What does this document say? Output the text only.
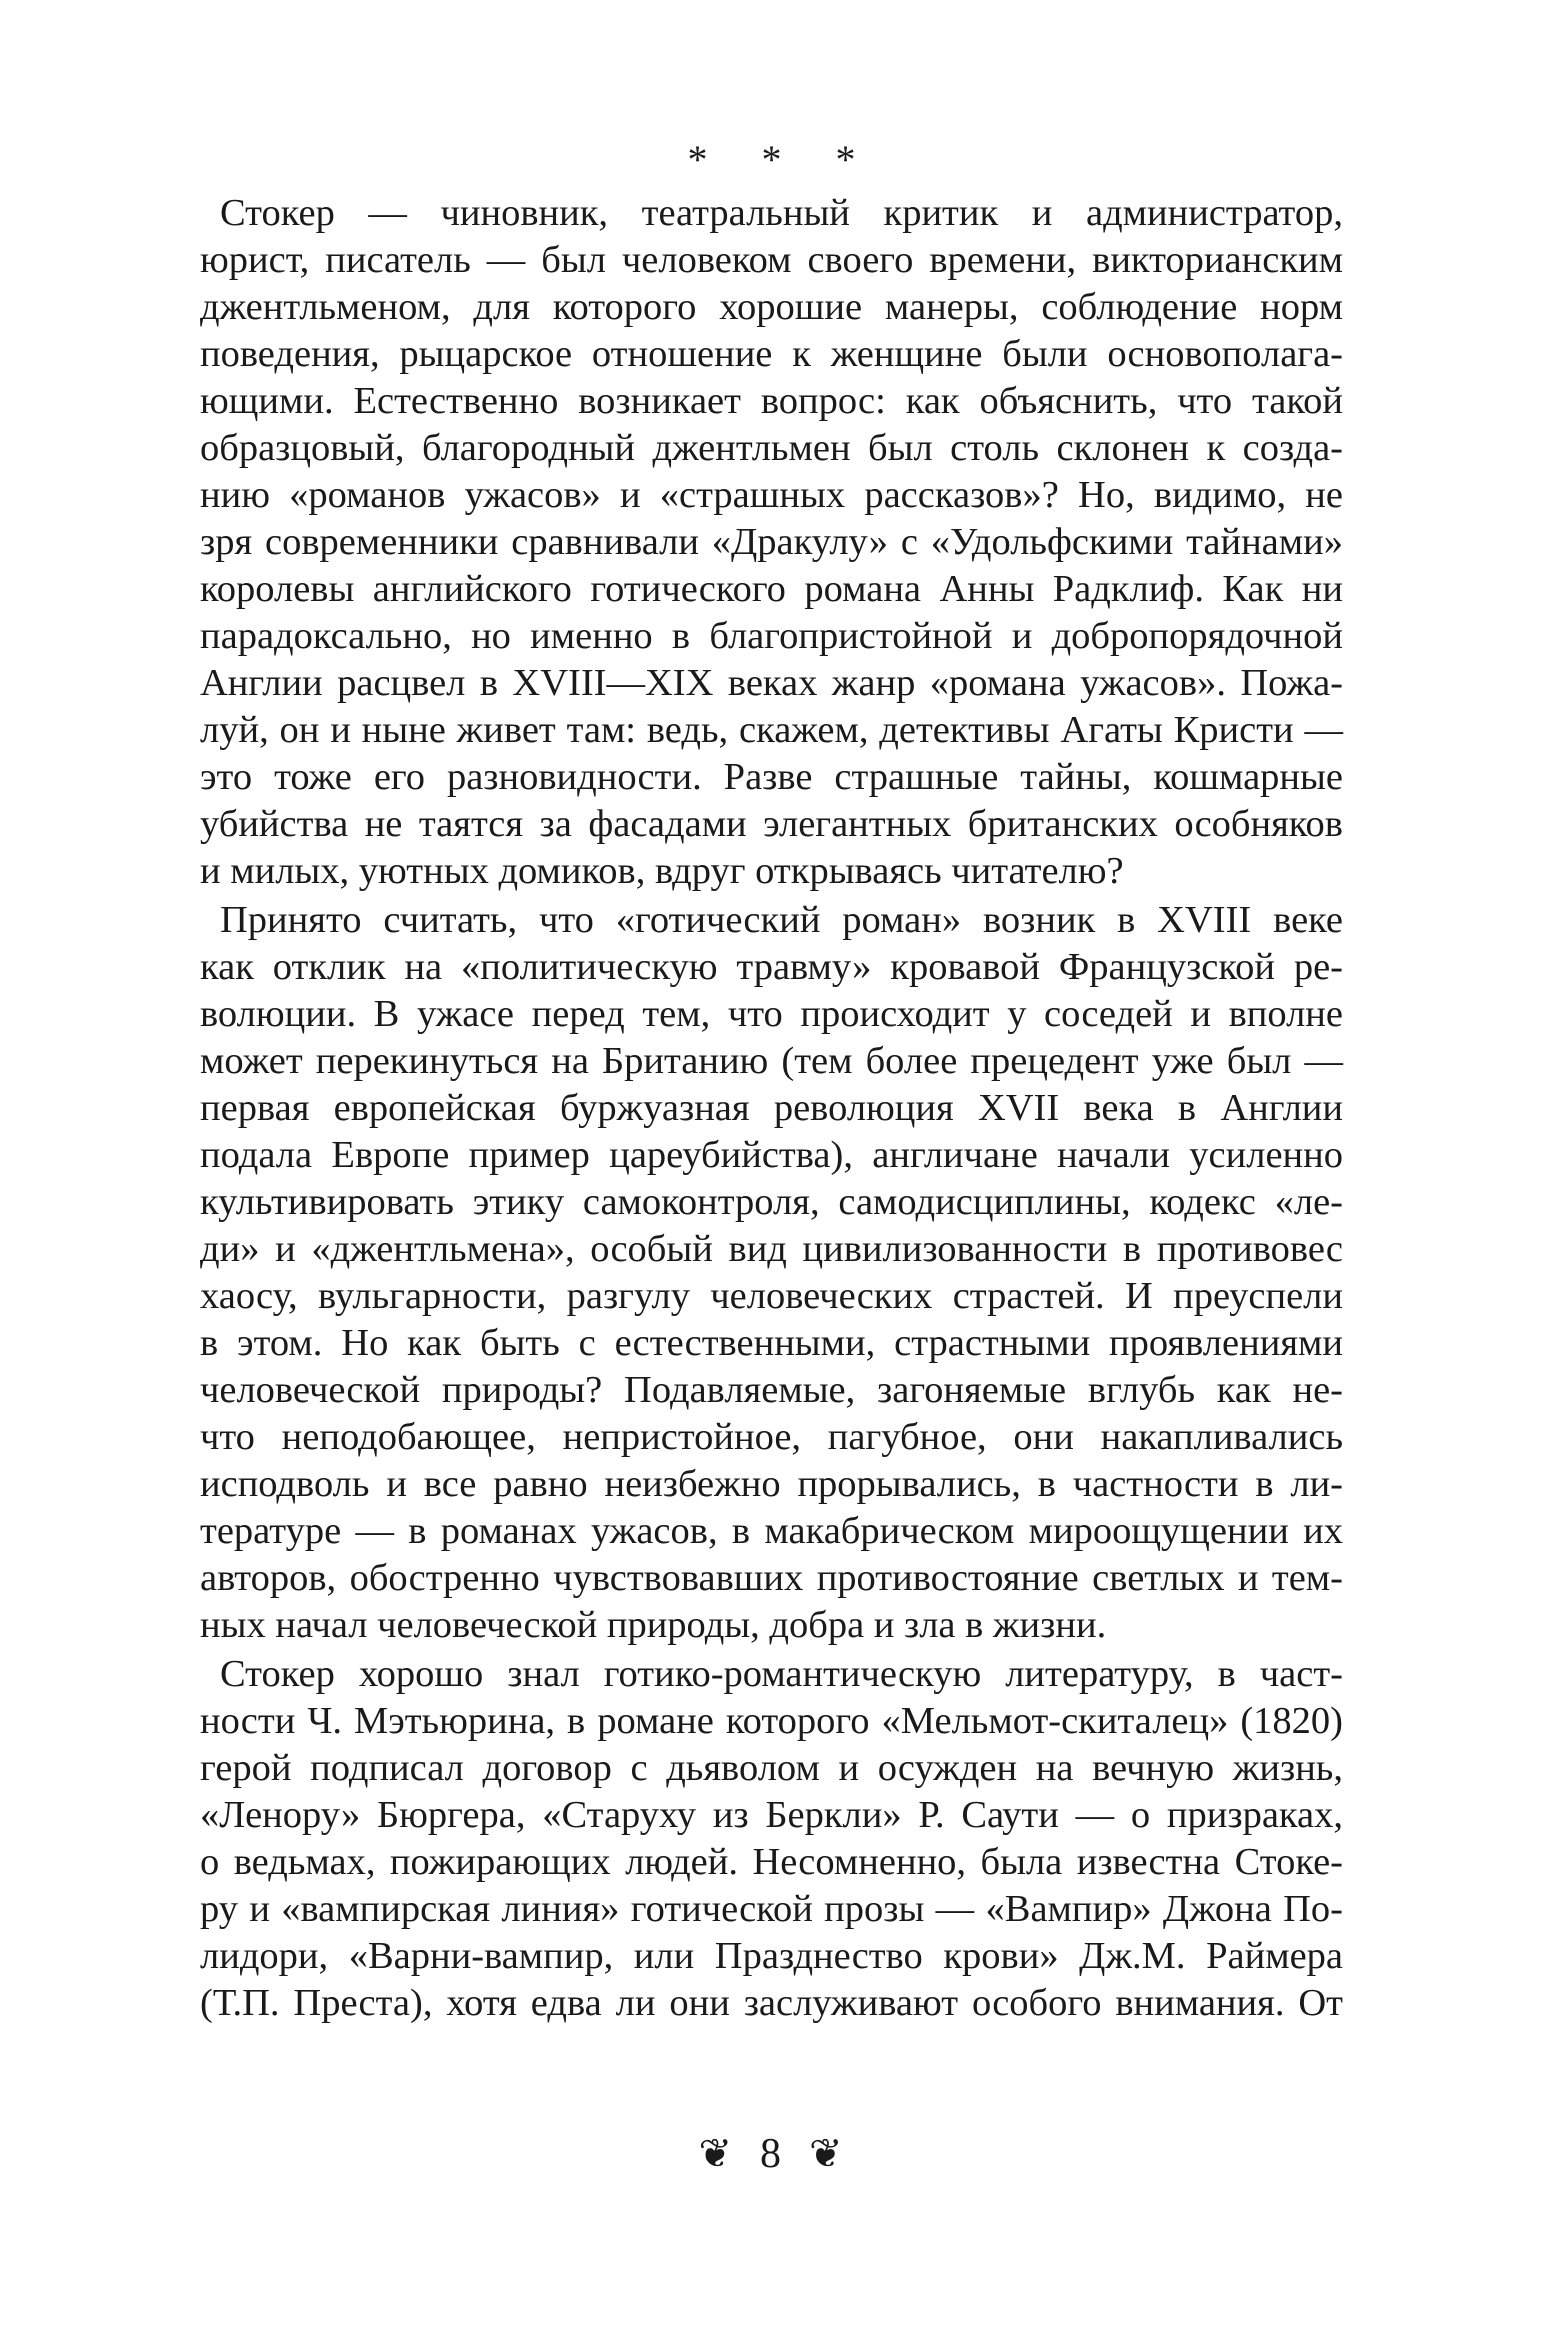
* * *
Стокер — чиновник, театральный критик и администратор,
юрист, писатель — был человеком своего времени, викторианским
джентльменом, для которого хорошие манеры, соблюдение норм
поведения, рыцарское отношение к женщине были основополага-
ющими. Естественно возникает вопрос: как объяснить, что такой
образцовый, благородный джентльмен был столь склонен к созда-
нию «романов ужасов» и «страшных рассказов»? Но, видимо, не
зря современники сравнивали «Дракулу» с «Удольфскими тайнами»
королевы английского готического романа Анны Радклиф. Как ни
парадоксально, но именно в благопристойной и добропорядочной
Англии расцвел в XVIII—XIX веках жанр «романа ужасов». Пожа-
луй, он и ныне живет там: ведь, скажем, детективы Агаты Кристи —
это тоже его разновидности. Разве страшные тайны, кошмарные
убийства не таятся за фасадами элегантных британских особняков
и милых, уютных домиков, вдруг открываясь читателю?
Принято считать, что «готический роман» возник в XVIII веке
как отклик на «политическую травму» кровавой Французской ре-
волюции. В ужасе перед тем, что происходит у соседей и вполне
может перекинуться на Британию (тем более прецедент уже был —
первая европейская буржуазная революция XVII века в Англии
подала Европе пример цареубийства), англичане начали усиленно
культивировать этику самоконтроля, самодисциплины, кодекс «ле-
ди» и «джентльмена», особый вид цивилизованности в противовес
хаосу, вульгарности, разгулу человеческих страстей. И преуспели
в этом. Но как быть с естественными, страстными проявлениями
человеческой природы? Подавляемые, загоняемые вглубь как не-
что неподобающее, непристойное, пагубное, они накапливались
исподволь и все равно неизбежно прорывались, в частности в ли-
тературе — в романах ужасов, в макабрическом мироощущении их
авторов, обостренно чувствовавших противостояние светлых и тем-
ных начал человеческой природы, добра и зла в жизни.
Стокер хорошо знал готико-романтическую литературу, в част-
ности Ч. Мэтьюрина, в романе которого «Мельмот-скиталец» (1820)
герой подписал договор с дьяволом и осужден на вечную жизнь,
«Ленору» Бюргера, «Старуху из Беркли» Р. Саути — о призраках,
о ведьмах, пожирающих людей. Несомненно, была известна Стоке-
ру и «вампирская линия» готической прозы — «Вампир» Джона По-
лидори, «Варни-вампир, или Празднество крови» Дж.М. Раймера
(Т.П. Преста), хотя едва ли они заслуживают особого внимания. От
❦ 8 ❦
